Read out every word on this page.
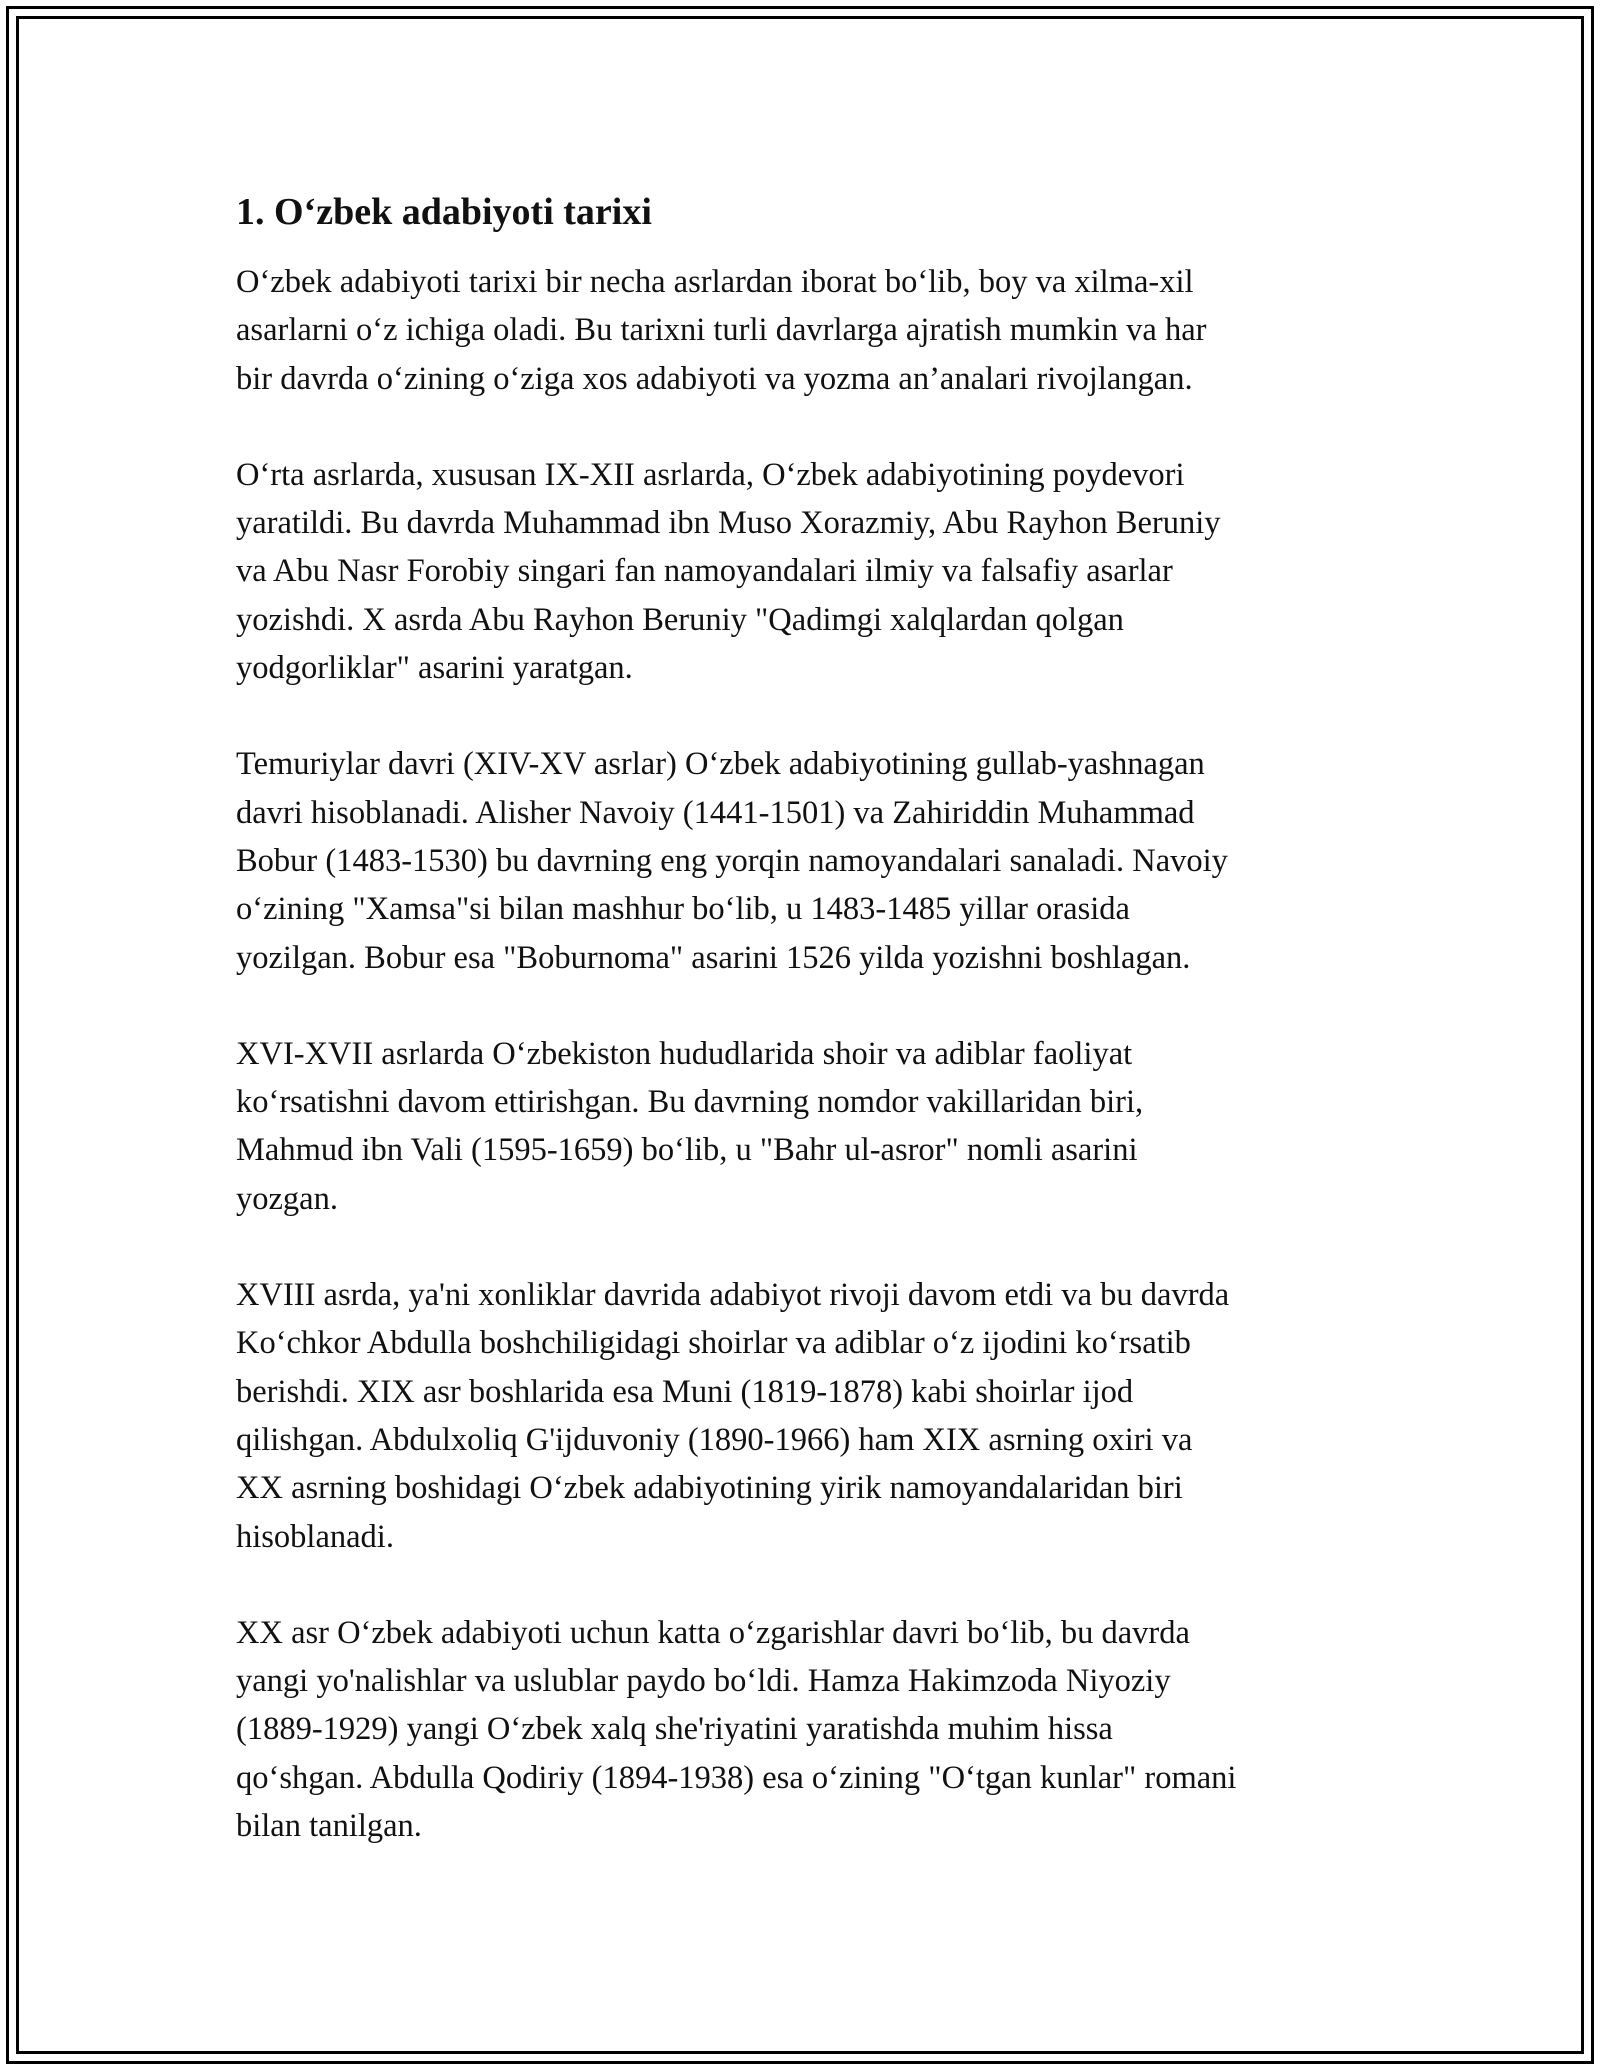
1. O‘zbek adabiyoti tarixi

O‘zbek adabiyoti tarixi bir necha asrlardan iborat bo‘lib, boy va xilma-xil
asarlarni o‘z ichiga oladi. Bu tarixni turli davrlarga ajratish mumkin va har
bir davrda o‘zining o‘ziga xos adabiyoti va yozma an’analari rivojlangan.

O‘rta asrlarda, xususan IX-XII asrlarda, O‘zbek adabiyotining poydevori
yaratildi. Bu davrda Muhammad ibn Muso Xorazmiy, Abu Rayhon Beruniy
va Abu Nasr Forobiy singari fan namoyandalari ilmiy va falsafiy asarlar
yozishdi. X asrda Abu Rayhon Beruniy "Qadimgi xalqlardan qolgan
yodgorliklar" asarini yaratgan.

Temuriylar davri (XIV-XV asrlar) O‘zbek adabiyotining gullab-yashnagan
davri hisoblanadi. Alisher Navoiy (1441-1501) va Zahiriddin Muhammad
Bobur (1483-1530) bu davrning eng yorqin namoyandalari sanaladi. Navoiy
o‘zining "Xamsa"si bilan mashhur bo‘lib, u 1483-1485 yillar orasida
yozilgan. Bobur esa "Boburnoma" asarini 1526 yilda yozishni boshlagan.

XVI-XVII asrlarda O‘zbekiston hududlarida shoir va adiblar faoliyat
ko‘rsatishni davom ettirishgan. Bu davrning nomdor vakillaridan biri,
Mahmud ibn Vali (1595-1659) bo‘lib, u "Bahr ul-asror" nomli asarini
yozgan.

XVIII asrda, ya'ni xonliklar davrida adabiyot rivoji davom etdi va bu davrda
Ko‘chkor Abdulla boshchiligidagi shoirlar va adiblar o‘z ijodini ko‘rsatib
berishdi. XIX asr boshlarida esa Muni (1819-1878) kabi shoirlar ijod
qilishgan. Abdulxoliq G'ijduvoniy (1890-1966) ham XIX asrning oxiri va
XX asrning boshidagi O‘zbek adabiyotining yirik namoyandalaridan biri
hisoblanadi.

XX asr O‘zbek adabiyoti uchun katta o‘zgarishlar davri bo‘lib, bu davrda
yangi yo'nalishlar va uslublar paydo bo‘ldi. Hamza Hakimzoda Niyoziy
(1889-1929) yangi O‘zbek xalq she'riyatini yaratishda muhim hissa
qo‘shgan. Abdulla Qodiriy (1894-1938) esa o‘zining "O‘tgan kunlar" romani
bilan tanilgan.
